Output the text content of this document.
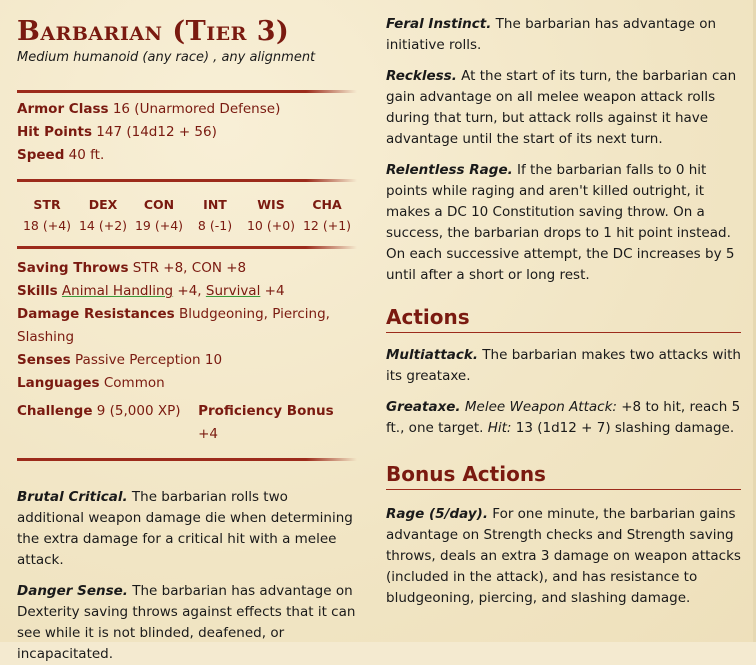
Barbarian (Tier 3)
Medium humanoid (any race) , any alignment
Armor Class 16 (Unarmored Defense)
Hit Points 147 (14d12 + 56)
Speed 40 ft.
STR
18 (+4)
DEX
14 (+2)
CON
19 (+4)
INT
8 (-1)
WIS
10 (+0)
CHA
12 (+1)
Saving Throws STR +8, CON +8
Skills Animal Handling +4, Survival +4
Damage Resistances Bludgeoning, Piercing, Slashing
Senses Passive Perception 10
Languages Common
Challenge 9 (5,000 XP)	Proficiency Bonus +4

Brutal Critical. The barbarian rolls two additional weapon damage die when determining the extra damage for a critical hit with a melee attack.

Danger Sense. The barbarian has advantage on Dexterity saving throws against effects that it can see while it is not blinded, deafened, or incapacitated.

Feral Instinct. The barbarian has advantage on initiative rolls.

Reckless. At the start of its turn, the barbarian can gain advantage on all melee weapon attack rolls during that turn, but attack rolls against it have advantage until the start of its next turn.

Relentless Rage. If the barbarian falls to 0 hit points while raging and aren't killed outright, it makes a DC 10 Constitution saving throw. On a success, the barbarian drops to 1 hit point instead. On each successive attempt, the DC increases by 5 until after a short or long rest.

Actions

Multiattack. The barbarian makes two attacks with its greataxe.

Greataxe. Melee Weapon Attack: +8 to hit, reach 5 ft., one target. Hit: 13 (1d12 + 7) slashing damage.

Bonus Actions

Rage (5/day). For one minute, the barbarian gains advantage on Strength checks and Strength saving throws, deals an extra 3 damage on weapon attacks (included in the attack), and has resistance to bludgeoning, piercing, and slashing damage.
